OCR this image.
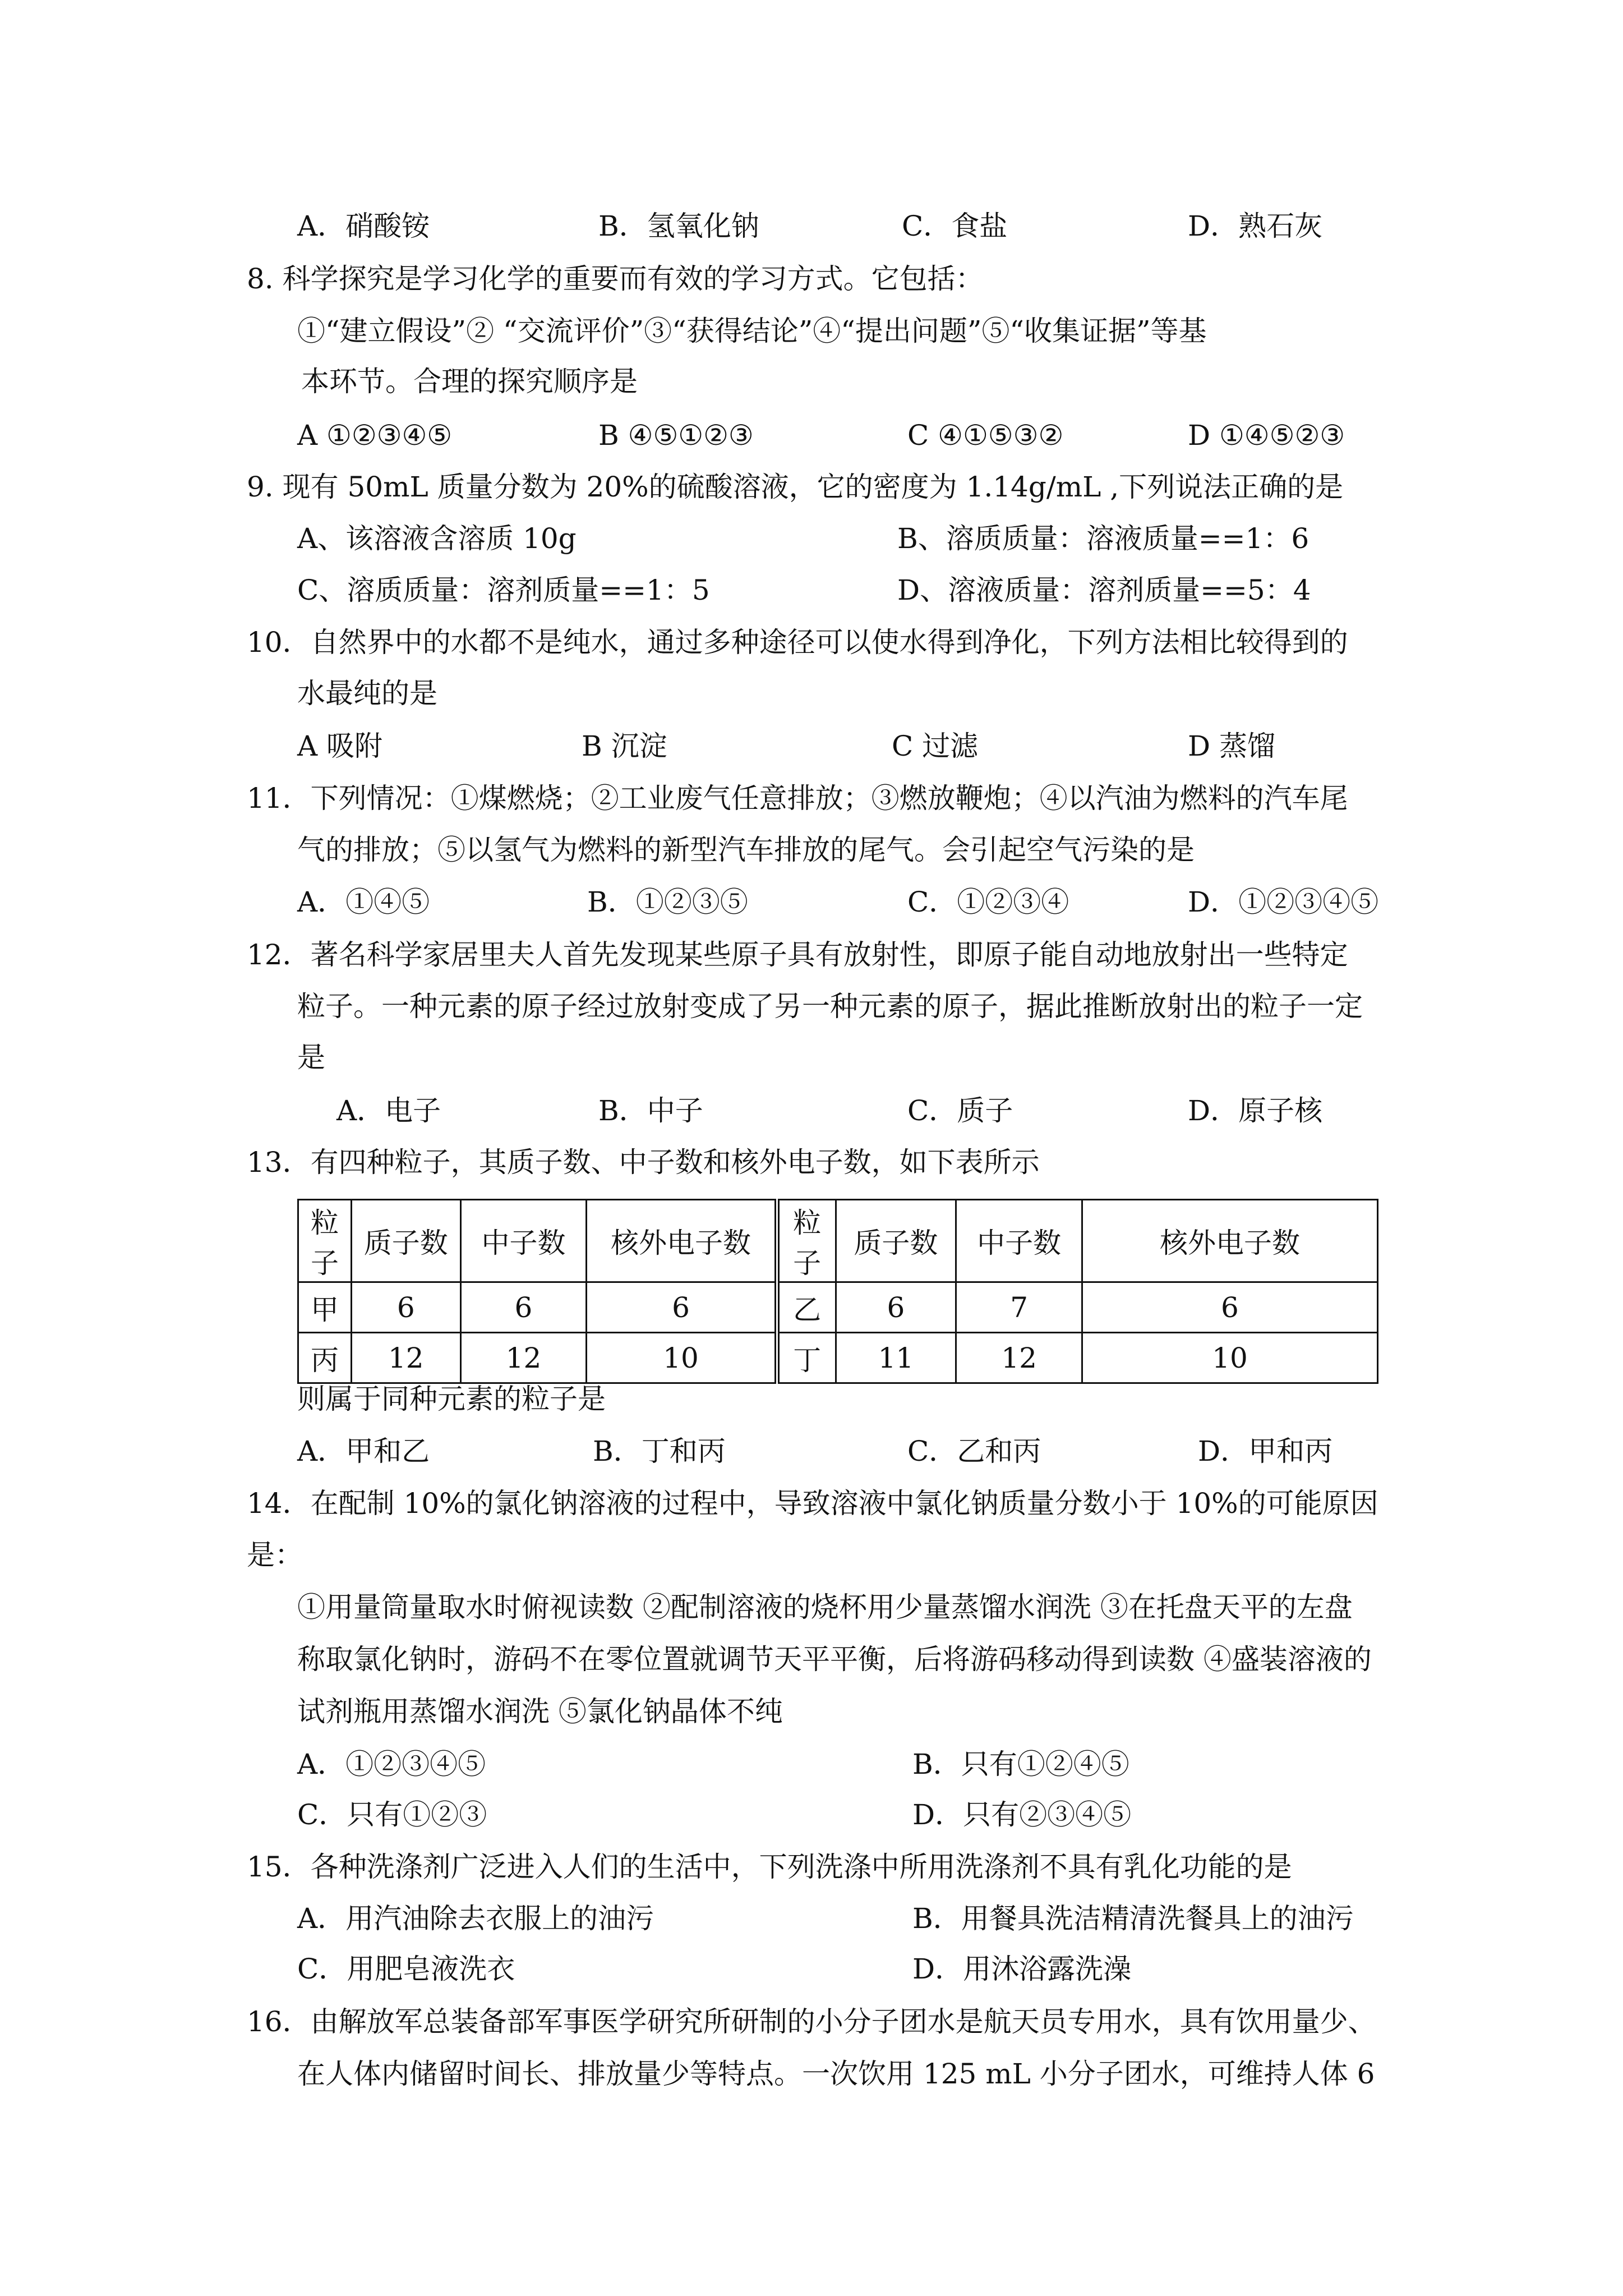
A．硝酸铵	B．氢氧化钠	C．食盐	D．熟石灰
8. 科学探究是学习化学的重要而有效的学习方式。它包括：
①“建立假设”② “交流评价”③“获得结论”④“提出问题”⑤“收集证据”等基
本环节。合理的探究顺序是
A ①②③④⑤	B ④⑤①②③	C ④①⑤③②	D ①④⑤②③
9. 现有 50mL 质量分数为 20%的硫酸溶液，它的密度为 1.14g/mL ,下列说法正确的是
A、该溶液含溶质 10g	B、溶质质量：溶液质量==1：6
C、溶质质量：溶剂质量==1：5	D、溶液质量：溶剂质量==5：4
10．自然界中的水都不是纯水，通过多种途径可以使水得到净化，下列方法相比较得到的
水最纯的是
A 吸附	B 沉淀	C 过滤	D 蒸馏
11．下列情况：①煤燃烧；②工业废气任意排放；③燃放鞭炮；④以汽油为燃料的汽车尾
气的排放；⑤以氢气为燃料的新型汽车排放的尾气。会引起空气污染的是
A．①④⑤	B．①②③⑤	C．①②③④	D．①②③④⑤
12．著名科学家居里夫人首先发现某些原子具有放射性，即原子能自动地放射出一些特定
粒子。一种元素的原子经过放射变成了另一种元素的原子，据此推断放射出的粒子一定
是
A．电子	B．中子	C．质子	D．原子核
13．有四种粒子，其质子数、中子数和核外电子数，如下表所示
粒子	质子数	中子数	核外电子数	粒子	质子数	中子数	核外电子数
甲	6	6	6	乙	6	7	6
丙	12	12	10	丁	11	12	10
则属于同种元素的粒子是
A．甲和乙	B．丁和丙	C．乙和丙	D．甲和丙
14．在配制 10%的氯化钠溶液的过程中，导致溶液中氯化钠质量分数小于 10%的可能原因
是：
①用量筒量取水时俯视读数 ②配制溶液的烧杯用少量蒸馏水润洗 ③在托盘天平的左盘
称取氯化钠时，游码不在零位置就调节天平平衡，后将游码移动得到读数 ④盛装溶液的
试剂瓶用蒸馏水润洗 ⑤氯化钠晶体不纯
A．①②③④⑤	B．只有①②④⑤
C．只有①②③	D．只有②③④⑤
15．各种洗涤剂广泛进入人们的生活中，下列洗涤中所用洗涤剂不具有乳化功能的是
A．用汽油除去衣服上的油污	B．用餐具洗洁精清洗餐具上的油污
C．用肥皂液洗衣	D．用沐浴露洗澡
16．由解放军总装备部军事医学研究所研制的小分子团水是航天员专用水，具有饮用量少、
在人体内储留时间长、排放量少等特点。一次饮用 125 mL 小分子团水，可维持人体 6
